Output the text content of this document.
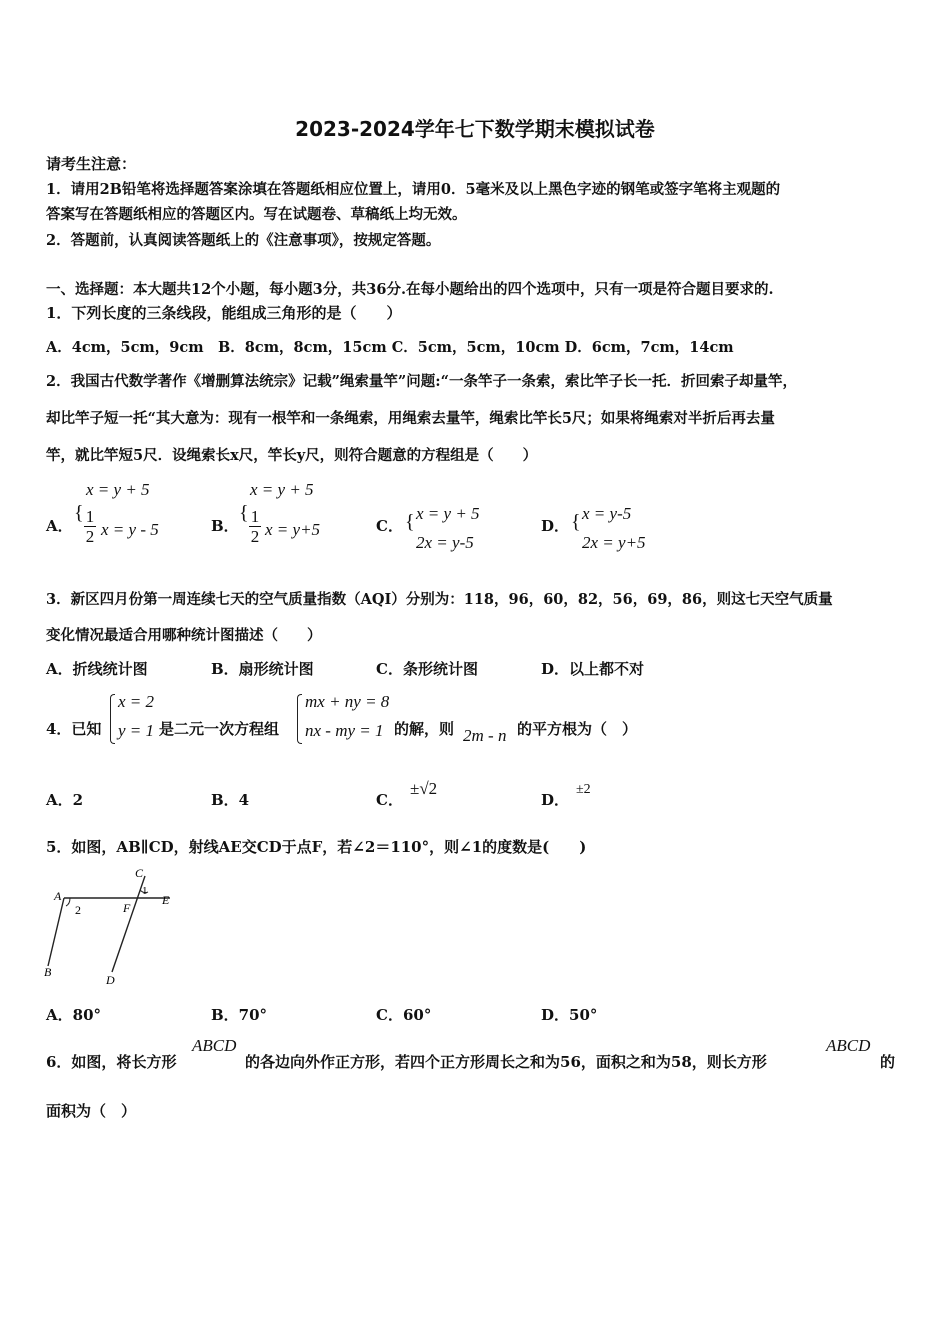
2023-2024学年七下数学期末模拟试卷
请考生注意：
1．请用2B铅笔将选择题答案涂填在答题纸相应位置上，请用0．5毫米及以上黑色字迹的钢笔或签字笔将主观题的
答案写在答题纸相应的答题区内。写在试题卷、草稿纸上均无效。
2．答题前，认真阅读答题纸上的《注意事项》，按规定答题。
一、选择题：本大题共12个小题，每小题3分，共36分.在每小题给出的四个选项中，只有一项是符合题目要求的.
1．下列长度的三条线段，能组成三角形的是（　　）
A．4cm，5cm，9cm　B．8cm，8cm，15cm C．5cm，5cm，10cm D．6cm，7cm，14cm
2．我国古代数学著作《增删算法统宗》记载”绳索量竿”问题:“一条竿子一条索，索比竿子长一托．折回索子却量竿，
却比竿子短一托“其大意为：现有一根竿和一条绳索，用绳索去量竿，绳索比竿长5尺；如果将绳索对半折后再去量
竿，就比竿短5尺．设绳索长x尺，竿长y尺，则符合题意的方程组是（　　）
A．
x = y + 5
{ 1
2 x = y - 5	B．
x = y + 5
{ 1
2 x = y+5	C． { x = y + 5
2x = y-5
D． { x = y-5
2x = y+5
3．新区四月份第一周连续七天的空气质量指数（AQI）分别为：118，96，60，82，56，69，86，则这七天空气质量
变化情况最适合用哪种统计图描述（　　）
A．折线统计图	B．扇形统计图	C．条形统计图	D．以上都不对
4．已知
x = 2
y = 1 是二元一次方程组
mx + ny = 8
nx - my = 1 的解，则 2m - n 的平方根为（　）
A．2	B．4	C．
±√2
D．
±2
5．如图，AB∥CD，射线AE交CD于点F，若∠2＝110°，则∠1的度数是(　　)
A
2
B
C
1
F
E
D
A．80°	B．70°	C．60°	D．50°
6．如图，将长方形
ABCD
的各边向外作正方形，若四个正方形周长之和为56，面积之和为58，则长方形
ABCD
的
面积为（　）
